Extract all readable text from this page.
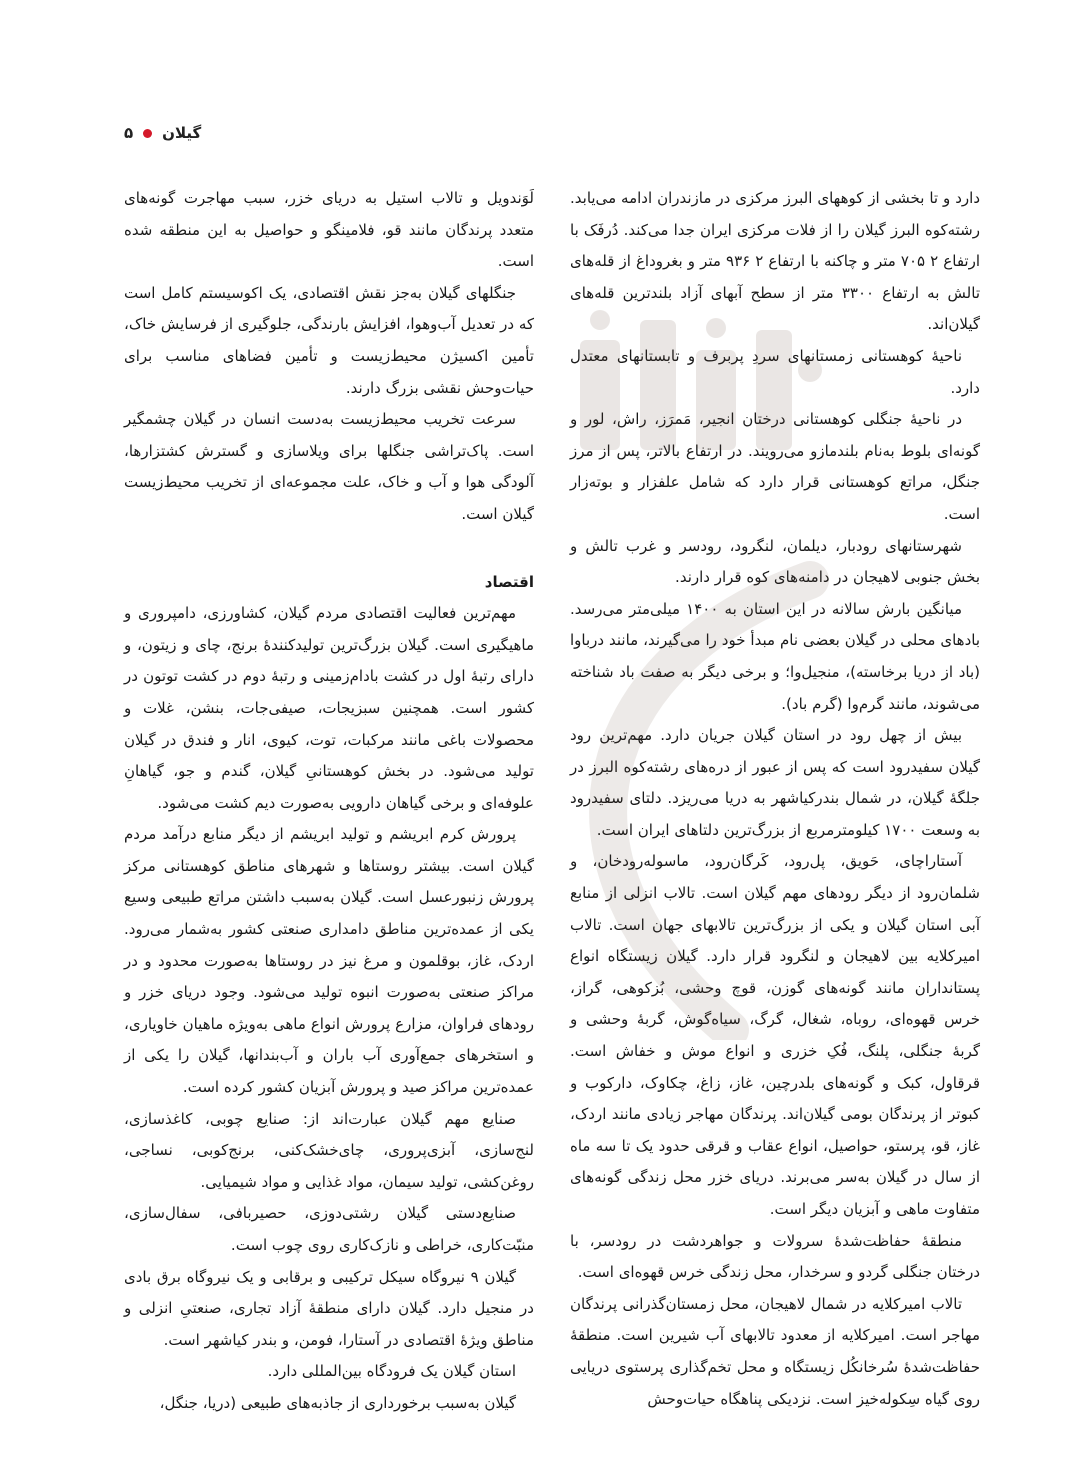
گیلان
۵

دارد و تا بخشی از کوههای البرز مرکزی در مازندران ادامه می‌یابد. رشته‌کوه البرز گیلان را از فلات مرکزی ایران جدا می‌کند. دُرفَک با ارتفاع ۲ ۷۰۵ متر و چاکنه با ارتفاع ۲ ۹۳۶ متر و بغروداغ از قله‌های تالش به ارتفاع ۳۳۰۰ متر از سطح آبهای آزاد بلندترین قله‌های گیلان‌اند.

ناحیهٔ کوهستانی زمستانهای سردِ پربرف و تابستانهای معتدل دارد.

در ناحیهٔ جنگلی کوهستانی درختان انجیر، مَمرَز، راش، لور و گونه‌ای بلوط به‌نام بلندمازو می‌رویند. در ارتفاع بالاتر، پس از مرز جنگل، مراتع کوهستانی قرار دارد که شامل علفزار و بوته‌زار است.

شهرستانهای رودبار، دیلمان، لنگرود، رودسر و غرب تالش و بخش جنوبی لاهیجان در دامنه‌های کوه قرار دارند.

میانگین بارش سالانه در این استان به ۱۴۰۰ میلی‌متر می‌رسد. بادهای محلی در گیلان بعضی نام مبدأ خود را می‌گیرند، مانند درباوا (باد از دریا برخاسته)، منجیل‌وا؛ و برخی دیگر به صفت باد شناخته می‌شوند، مانند گرم‌وا (گرم باد).

بیش از چهل رود در استان گیلان جریان دارد. مهم‌ترین رود گیلان سفیدرود است که پس از عبور از دره‌های رشته‌کوه البرز در جلگهٔ گیلان، در شمال بندرکیاشهر به دریا می‌ریزد. دلتای سفیدرود به وسعت ۱۷۰۰ کیلومترمربع از بزرگ‌ترین دلتاهای ایران است.

آستاراچای، حَویق، پل‌رود، کَرگان‌رود، ماسوله‌رودخان، و شلمان‌رود از دیگر رودهای مهم گیلان است. تالاب انزلی از منابع آبی استان گیلان و یکی از بزرگ‌ترین تالابهای جهان است. تالاب امیرکلایه بین لاهیجان و لنگرود قرار دارد. گیلان زیستگاه انواع پستانداران مانند گونه‌های گوزن، قوچ وحشی، بُزکوهی، گراز، خرس قهوه‌ای، روباه، شغال، گرگ، سیاه‌گوش، گربهٔ وحشی و گربهٔ جنگلی، پلنگ، فُکِ خزری و انواع موش و خفاش است. قرقاول، کبک و گونه‌های بلدرچین، غاز، زاغ، چکاوک، دارکوب و کبوتر از پرندگان بومی گیلان‌اند. پرندگان مهاجر زیادی مانند اردک، غاز، قو، پرستو، حواصیل، انواع عقاب و قرقی حدود یک تا سه ماه از سال در گیلان به‌سر می‌برند. دریای خزر محل زندگی گونه‌های متفاوت ماهی و آبزیان دیگر است.

منطقهٔ حفاظت‌شدهٔ سرولات و جواهردشت در رودسر، با درختان جنگلی گردو و سرخدار، محل زندگی خرس قهوه‌ای است.

تالاب امیرکلایه در شمال لاهیجان، محل زمستان‌گذرانی پرندگان مهاجر است. امیرکلایه از معدود تالابهای آب شیرین است. منطقهٔ حفاظت‌شدهٔ سُرخانکُل زیستگاه و محل تخم‌گذاری پرستوی دریایی روی گیاه سِکوله‌خیز است. نزدیکی پناهگاه حیات‌وحش

لَوَندویل و تالاب استیل به دریای خزر، سبب مهاجرت گونه‌های متعدد پرندگان مانند قو، فلامینگو و حواصیل به این منطقه شده است.

جنگلهای گیلان به‌جز نقش اقتصادی، یک اکوسیستم کامل است که در تعدیل آب‌وهوا، افزایش بارندگی، جلوگیری از فرسایش خاک، تأمین اکسیژن محیط‌زیست و تأمین فضاهای مناسب برای حیات‌وحش نقشی بزرگ دارند.

سرعت تخریب محیط‌زیست به‌دست انسان در گیلان چشمگیر است. پاک‌تراشی جنگلها برای ویلاسازی و گسترش کشتزارها، آلودگی هوا و آب و خاک، علت مجموعه‌ای از تخریب محیط‌زیست گیلان است.

اقتصاد

مهم‌ترین فعالیت اقتصادی مردم گیلان، کشاورزی، دامپروری و ماهیگیری است. گیلان بزرگ‌ترین تولیدکنندهٔ برنج، چای و زیتون، و دارای رتبهٔ اول در کشت بادام‌زمینی و رتبهٔ دوم در کشت توتون در کشور است. همچنین سبزیجات، صیفی‌جات، بنشن، غلات و محصولات باغی مانند مرکبات، توت، کیوی، انار و فندق در گیلان تولید می‌شود. در بخش کوهستانیِ گیلان، گندم و جو، گیاهانِ علوفه‌ای و برخی گیاهان دارویی به‌صورت دیم کشت می‌شود.

پرورش کرم ابریشم و تولید ابریشم از دیگر منابع درآمد مردم گیلان است. بیشتر روستاها و شهرهای مناطق کوهستانی مرکز پرورش زنبورعسل است. گیلان به‌سبب داشتن مراتع طبیعی وسیع یکی از عمده‌ترین مناطق دامداری صنعتی کشور به‌شمار می‌رود. اردک، غاز، بوقلمون و مرغ نیز در روستاها به‌صورت محدود و در مراکز صنعتی به‌صورت انبوه تولید می‌شود. وجود دریای خزر و رودهای فراوان، مزارع پرورش انواع ماهی به‌ویژه ماهیان خاویاری، و استخرهای جمع‌آوری آب باران و آب‌بندانها، گیلان را یکی از عمده‌ترین مراکز صید و پرورش آبزیان کشور کرده است.

صنایع مهم گیلان عبارت‌اند از: صنایع چوبی، کاغذسازی، لنج‌سازی، آبزی‌پروری، چای‌خشک‌کنی، برنج‌کوبی، نساجی، روغن‌کشی، تولید سیمان، مواد غذایی و مواد شیمیایی.

صنایع‌دستی گیلان رشتی‌دوزی، حصیربافی، سفال‌سازی، منبّت‌کاری، خراطی و نازک‌کاری روی چوب است.

گیلان ۹ نیروگاه سیکل ترکیبی و برقابی و یک نیروگاه برق بادی در منجیل دارد. گیلان دارای منطقهٔ آزاد تجاری، صنعتیِ انزلی و مناطق ویژهٔ اقتصادی در آستارا، فومن، و بندر کیاشهر است.

استان گیلان یک فرودگاه بین‌المللی دارد.

گیلان به‌سبب برخورداری از جاذبه‌های طبیعی (دریا، جنگل،
